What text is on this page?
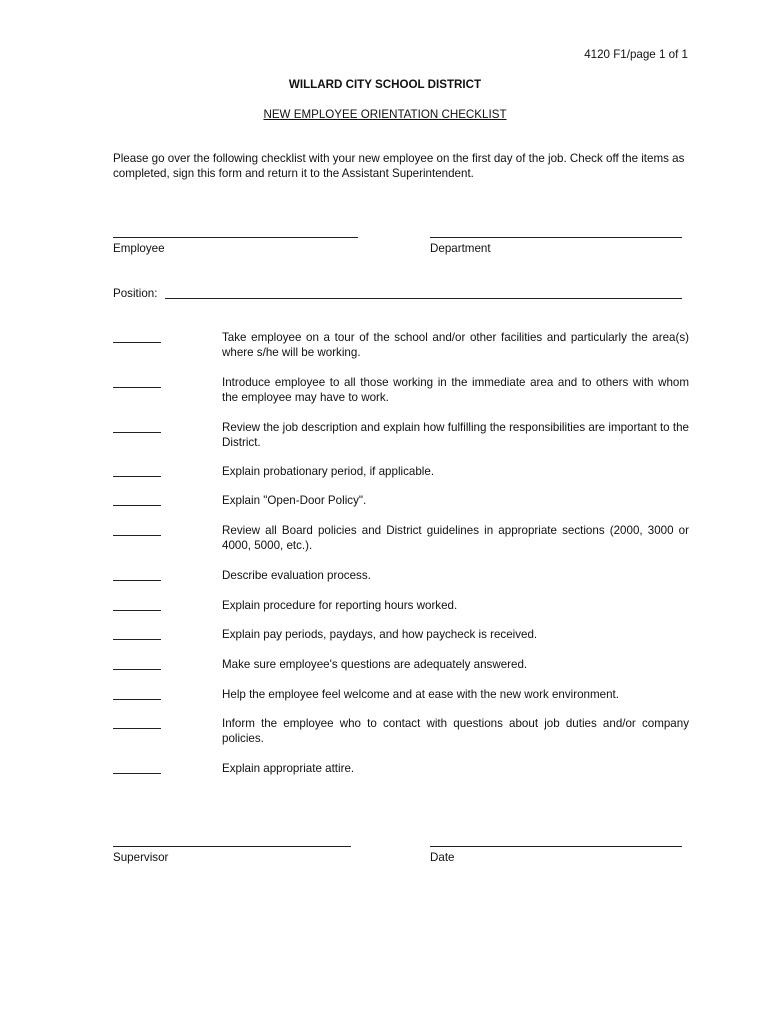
4120 F1/page 1 of 1
WILLARD CITY SCHOOL DISTRICT
NEW EMPLOYEE ORIENTATION CHECKLIST
Please go over the following checklist with your new employee on the first day of the job. Check off the items as completed, sign this form and return it to the Assistant Superintendent.
Employee	Department
Position:
Take employee on a tour of the school and/or other facilities and particularly the area(s) where s/he will be working.
Introduce employee to all those working in the immediate area and to others with whom the employee may have to work.
Review the job description and explain how fulfilling the responsibilities are important to the District.
Explain probationary period, if applicable.
Explain "Open-Door Policy".
Review all Board policies and District guidelines in appropriate sections (2000, 3000 or 4000, 5000, etc.).
Describe evaluation process.
Explain procedure for reporting hours worked.
Explain pay periods, paydays, and how paycheck is received.
Make sure employee's questions are adequately answered.
Help the employee feel welcome and at ease with the new work environment.
Inform the employee who to contact with questions about job duties and/or company policies.
Explain appropriate attire.
Supervisor	Date
